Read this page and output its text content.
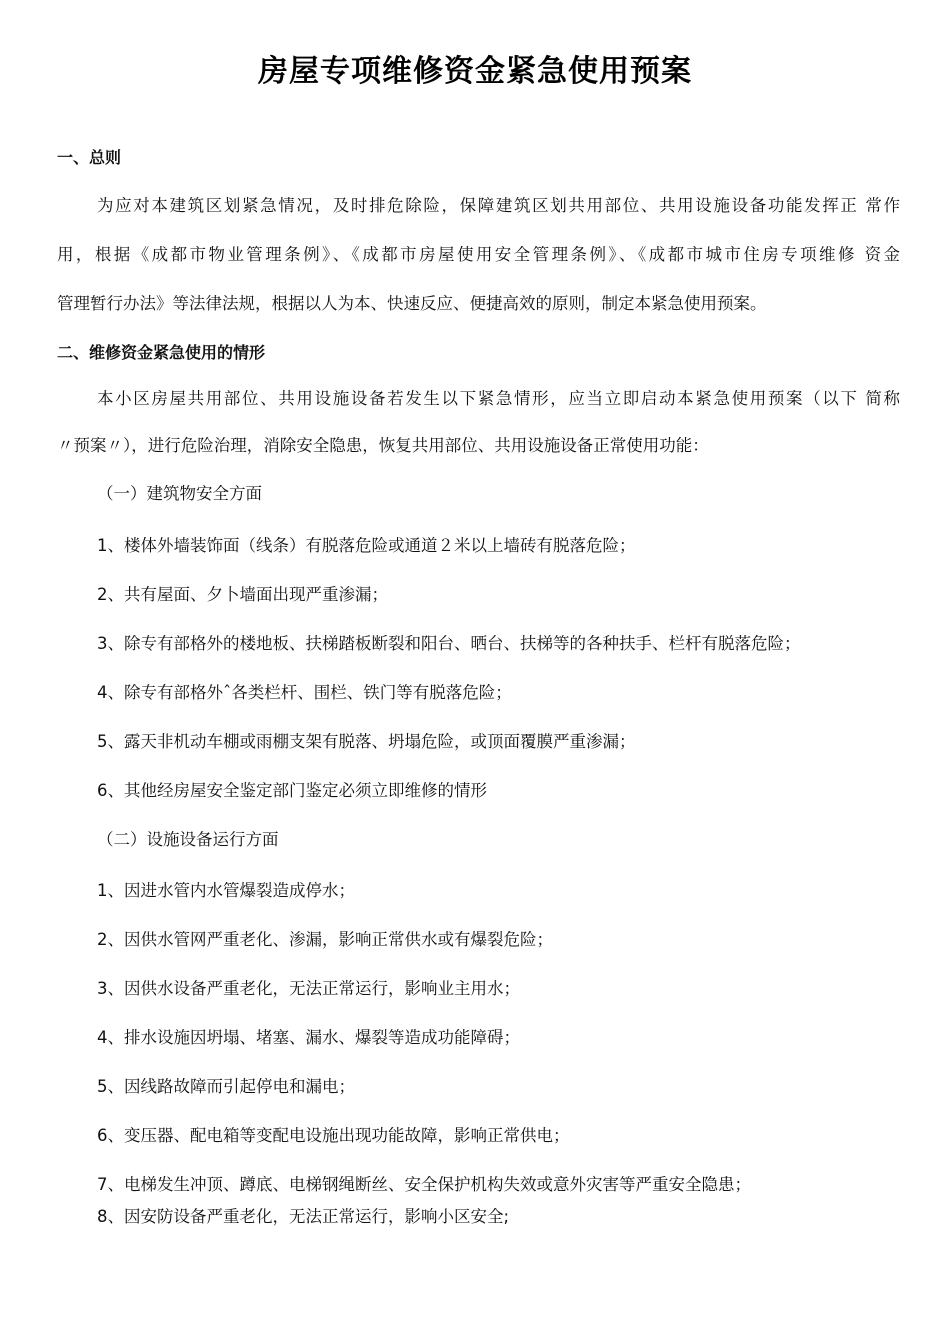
房屋专项维修资金紧急使用预案
一、总则
为应对本建筑区划紧急情况，及时排危除险，保障建筑区划共用部位、共用设施设备功能发挥正 常作
用，根据《成都市物业管理条例》、《成都市房屋使用安全管理条例》、《成都市城市住房专项维修 资金
管理暂行办法》等法律法规，根据以人为本、快速反应、便捷高效的原则，制定本紧急使用预案。
二、维修资金紧急使用的情形
本小区房屋共用部位、共用设施设备若发生以下紧急情形，应当立即启动本紧急使用预案（以下 简称
〃预案〃），进行危险治理，消除安全隐患，恢复共用部位、共用设施设备正常使用功能：
（一）建筑物安全方面
1、楼体外墙装饰面（线条）有脱落危险或通道２米以上墙砖有脱落危险；
2、共有屋面、夕卜墙面出现严重渗漏；
3、除专有部格外的楼地板、扶梯踏板断裂和阳台、晒台、扶梯等的各种扶手、栏杆有脱落危险；
4、除专有部格外ˆ各类栏杆、围栏、铁门等有脱落危险；
5、露天非机动车棚或雨棚支架有脱落、坍塌危险，或顶面覆膜严重渗漏；
6、其他经房屋安全鉴定部门鉴定必须立即维修的情形
（二）设施设备运行方面
1、因进水管内水管爆裂造成停水；
2、因供水管网严重老化、渗漏，影响正常供水或有爆裂危险；
3、因供水设备严重老化，无法正常运行，影响业主用水；
4、排水设施因坍塌、堵塞、漏水、爆裂等造成功能障碍；
5、因线路故障而引起停电和漏电；
6、变压器、配电箱等变配电设施出现功能故障，影响正常供电；
7、电梯发生冲顶、蹲底、电梯钢绳断丝、安全保护机构失效或意外灾害等严重安全隐患；
8、因安防设备严重老化，无法正常运行，影响小区安全;
